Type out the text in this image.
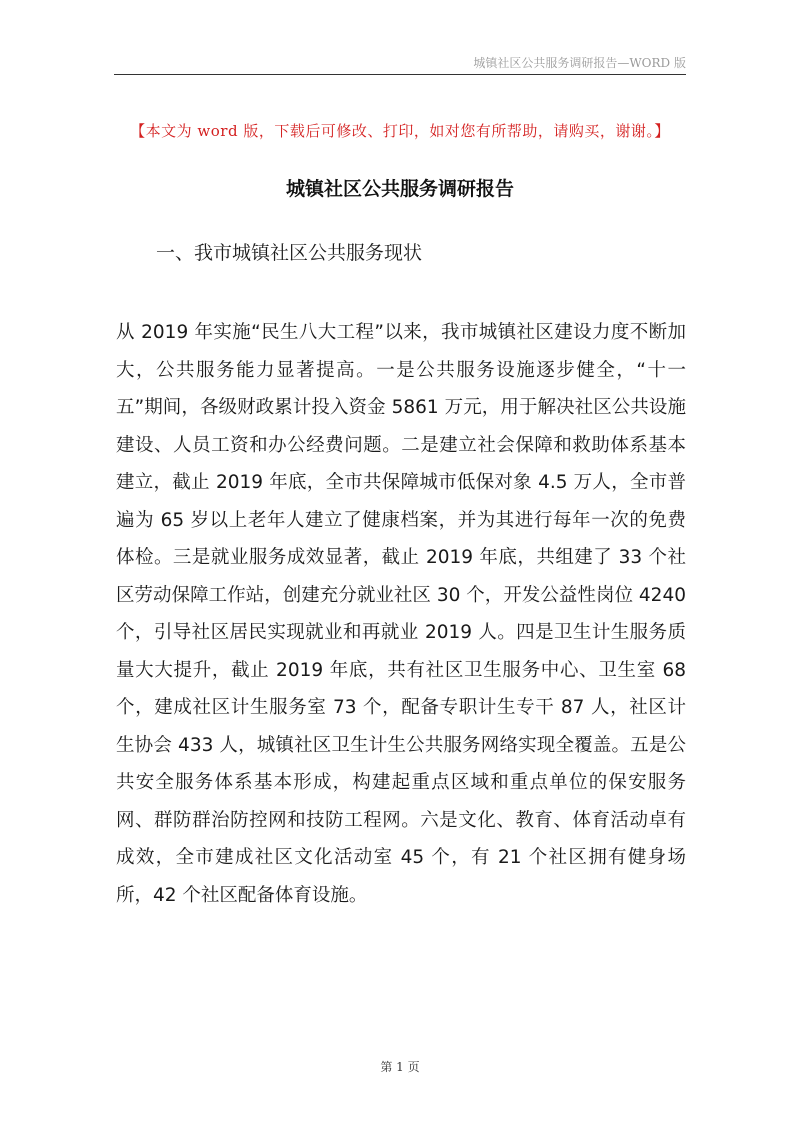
城镇社区公共服务调研报告—WORD 版
【本文为 word 版，下载后可修改、打印，如对您有所帮助，请购买，谢谢。】
城镇社区公共服务调研报告
一、我市城镇社区公共服务现状

从 2019 年实施“民生八大工程”以来，我市城镇社区建设力度不断加大，公共服务能力显著提高。一是公共服务设施逐步健全，“十一五”期间，各级财政累计投入资金 5861 万元，用于解决社区公共设施建设、人员工资和办公经费问题。二是建立社会保障和救助体系基本建立，截止 2019 年底，全市共保障城市低保对象 4.5 万人，全市普遍为 65 岁以上老年人建立了健康档案，并为其进行每年一次的免费体检。三是就业服务成效显著，截止 2019 年底，共组建了 33 个社区劳动保障工作站，创建充分就业社区 30 个，开发公益性岗位 4240 个，引导社区居民实现就业和再就业 2019 人。四是卫生计生服务质量大大提升，截止 2019 年底，共有社区卫生服务中心、卫生室 68 个，建成社区计生服务室 73 个，配备专职计生专干 87 人，社区计生协会 433 人，城镇社区卫生计生公共服务网络实现全覆盖。五是公共安全服务体系基本形成，构建起重点区域和重点单位的保安服务网、群防群治防控网和技防工程网。六是文化、教育、体育活动卓有成效，全市建成社区文化活动室 45 个，有 21 个社区拥有健身场所，42 个社区配备体育设施。

第 1 页
